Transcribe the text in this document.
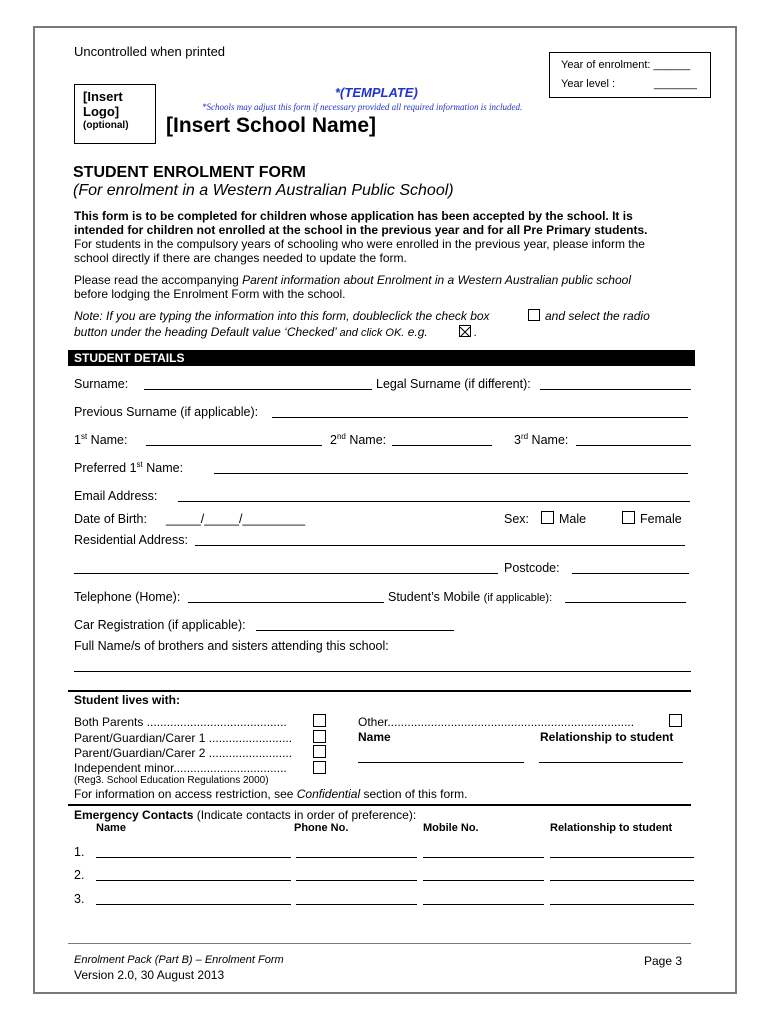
Uncontrolled when printed
Year of enrolment: ______
Year level :	_______
[Insert
Logo]
(optional)
*(TEMPLATE)
*Schools may adjust this form if necessary provided all required information is included.
[Insert School Name]
STUDENT ENROLMENT FORM
(For enrolment in a Western Australian Public School)
This form is to be completed for children whose application has been accepted by the school. It is
intended for children not enrolled at the school in the previous year and for all Pre Primary students.
For students in the compulsory years of schooling who were enrolled in the previous year, please inform the
school directly if there are changes needed to update the form.
Please read the accompanying Parent information about Enrolment in a Western Australian public school
before lodging the Enrolment Form with the school.
Note: If you are typing the information into this form, doubleclick the check box	and select the radio
button under the heading Default value ‘Checked’ and click OK. e.g.	.
STUDENT DETAILS
Surname:	Legal Surname (if different):
Previous Surname (if applicable):
1st Name:	2nd Name:	3rd Name:
Preferred 1st Name:
Email Address:
Date of Birth: _____/_____/_________	Sex: Male	Female
Residential Address:
Postcode:
Telephone (Home):	Student’s Mobile (if applicable):
Car Registration (if applicable):
Full Name/s of brothers and sisters attending this school:
Student lives with:
Both Parents ..........................................
Parent/Guardian/Carer 1 .........................
Parent/Guardian/Carer 2 .........................
Independent minor..................................
(Reg3. School Education Regulations 2000)
Other..........................................................................
Name	Relationship to student
For information on access restriction, see Confidential section of this form.
Emergency Contacts (Indicate contacts in order of preference):
Name	Phone No.	Mobile No.	Relationship to student
1.
2.
3.
Enrolment Pack (Part B) – Enrolment Form
Version 2.0, 30 August 2013
Page 3
